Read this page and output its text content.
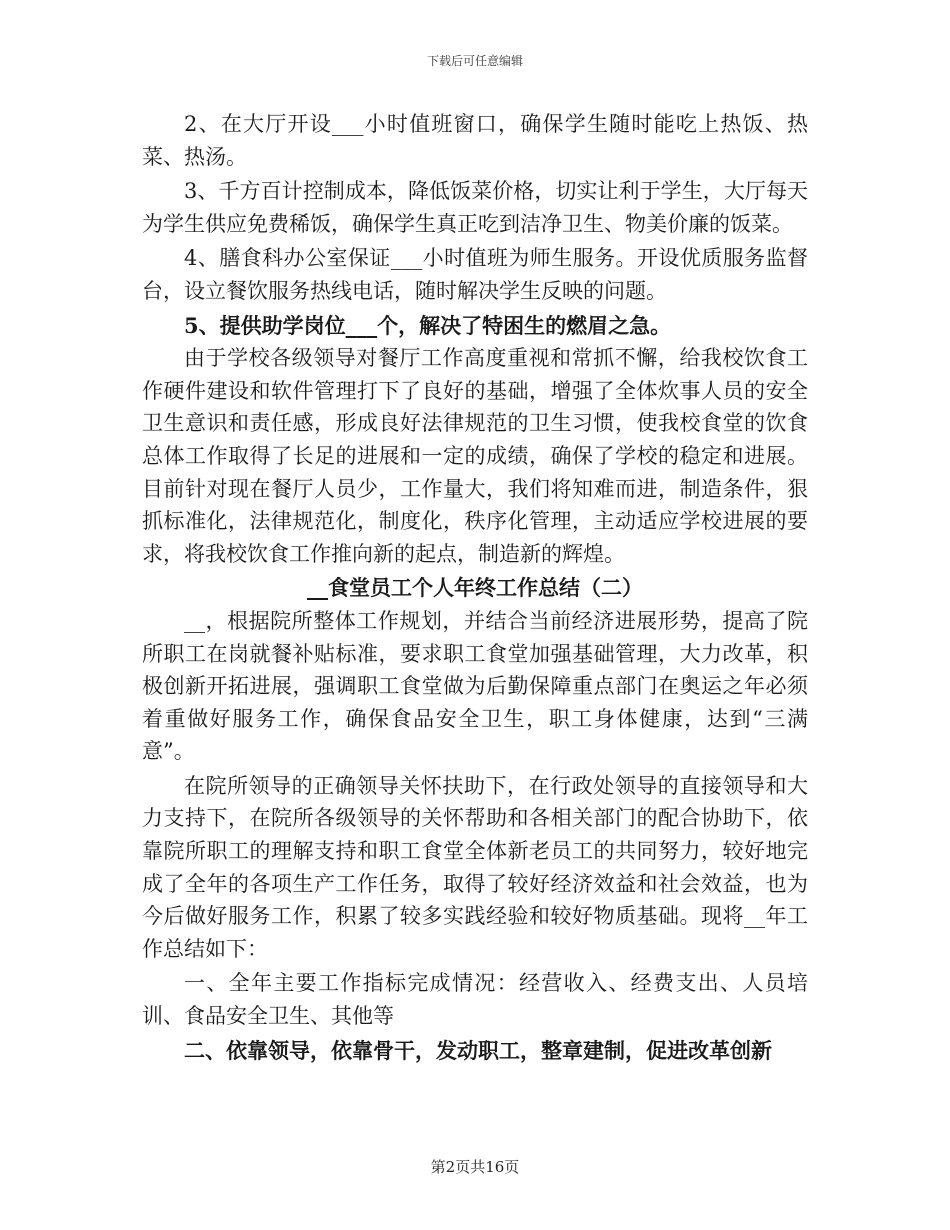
下载后可任意编辑

2、在大厅开设___小时值班窗口，确保学生随时能吃上热饭、热菜、热汤。

3、千方百计控制成本，降低饭菜价格，切实让利于学生，大厅每天为学生供应免费稀饭，确保学生真正吃到洁净卫生、物美价廉的饭菜。

4、膳食科办公室保证___小时值班为师生服务。开设优质服务监督台，设立餐饮服务热线电话，随时解决学生反映的问题。

5、提供助学岗位___个，解决了特困生的燃眉之急。

由于学校各级领导对餐厅工作高度重视和常抓不懈，给我校饮食工作硬件建设和软件管理打下了良好的基础，增强了全体炊事人员的安全卫生意识和责任感，形成良好法律规范的卫生习惯，使我校食堂的饮食总体工作取得了长足的进展和一定的成绩，确保了学校的稳定和进展。目前针对现在餐厅人员少，工作量大，我们将知难而进，制造条件，狠抓标准化，法律规范化，制度化，秩序化管理，主动适应学校进展的要求，将我校饮食工作推向新的起点，制造新的辉煌。

__食堂员工个人年终工作总结（二）

__，根据院所整体工作规划，并结合当前经济进展形势，提高了院所职工在岗就餐补贴标准，要求职工食堂加强基础管理，大力改革，积极创新开拓进展，强调职工食堂做为后勤保障重点部门在奥运之年必须着重做好服务工作，确保食品安全卫生，职工身体健康，达到“三满意”。

在院所领导的正确领导关怀扶助下，在行政处领导的直接领导和大力支持下，在院所各级领导的关怀帮助和各相关部门的配合协助下，依靠院所职工的理解支持和职工食堂全体新老员工的共同努力，较好地完成了全年的各项生产工作任务，取得了较好经济效益和社会效益，也为今后做好服务工作，积累了较多实践经验和较好物质基础。现将__年工作总结如下：

一、全年主要工作指标完成情况：经营收入、经费支出、人员培训、食品安全卫生、其他等

二、依靠领导，依靠骨干，发动职工，整章建制，促进改革创新

第2页共16页
